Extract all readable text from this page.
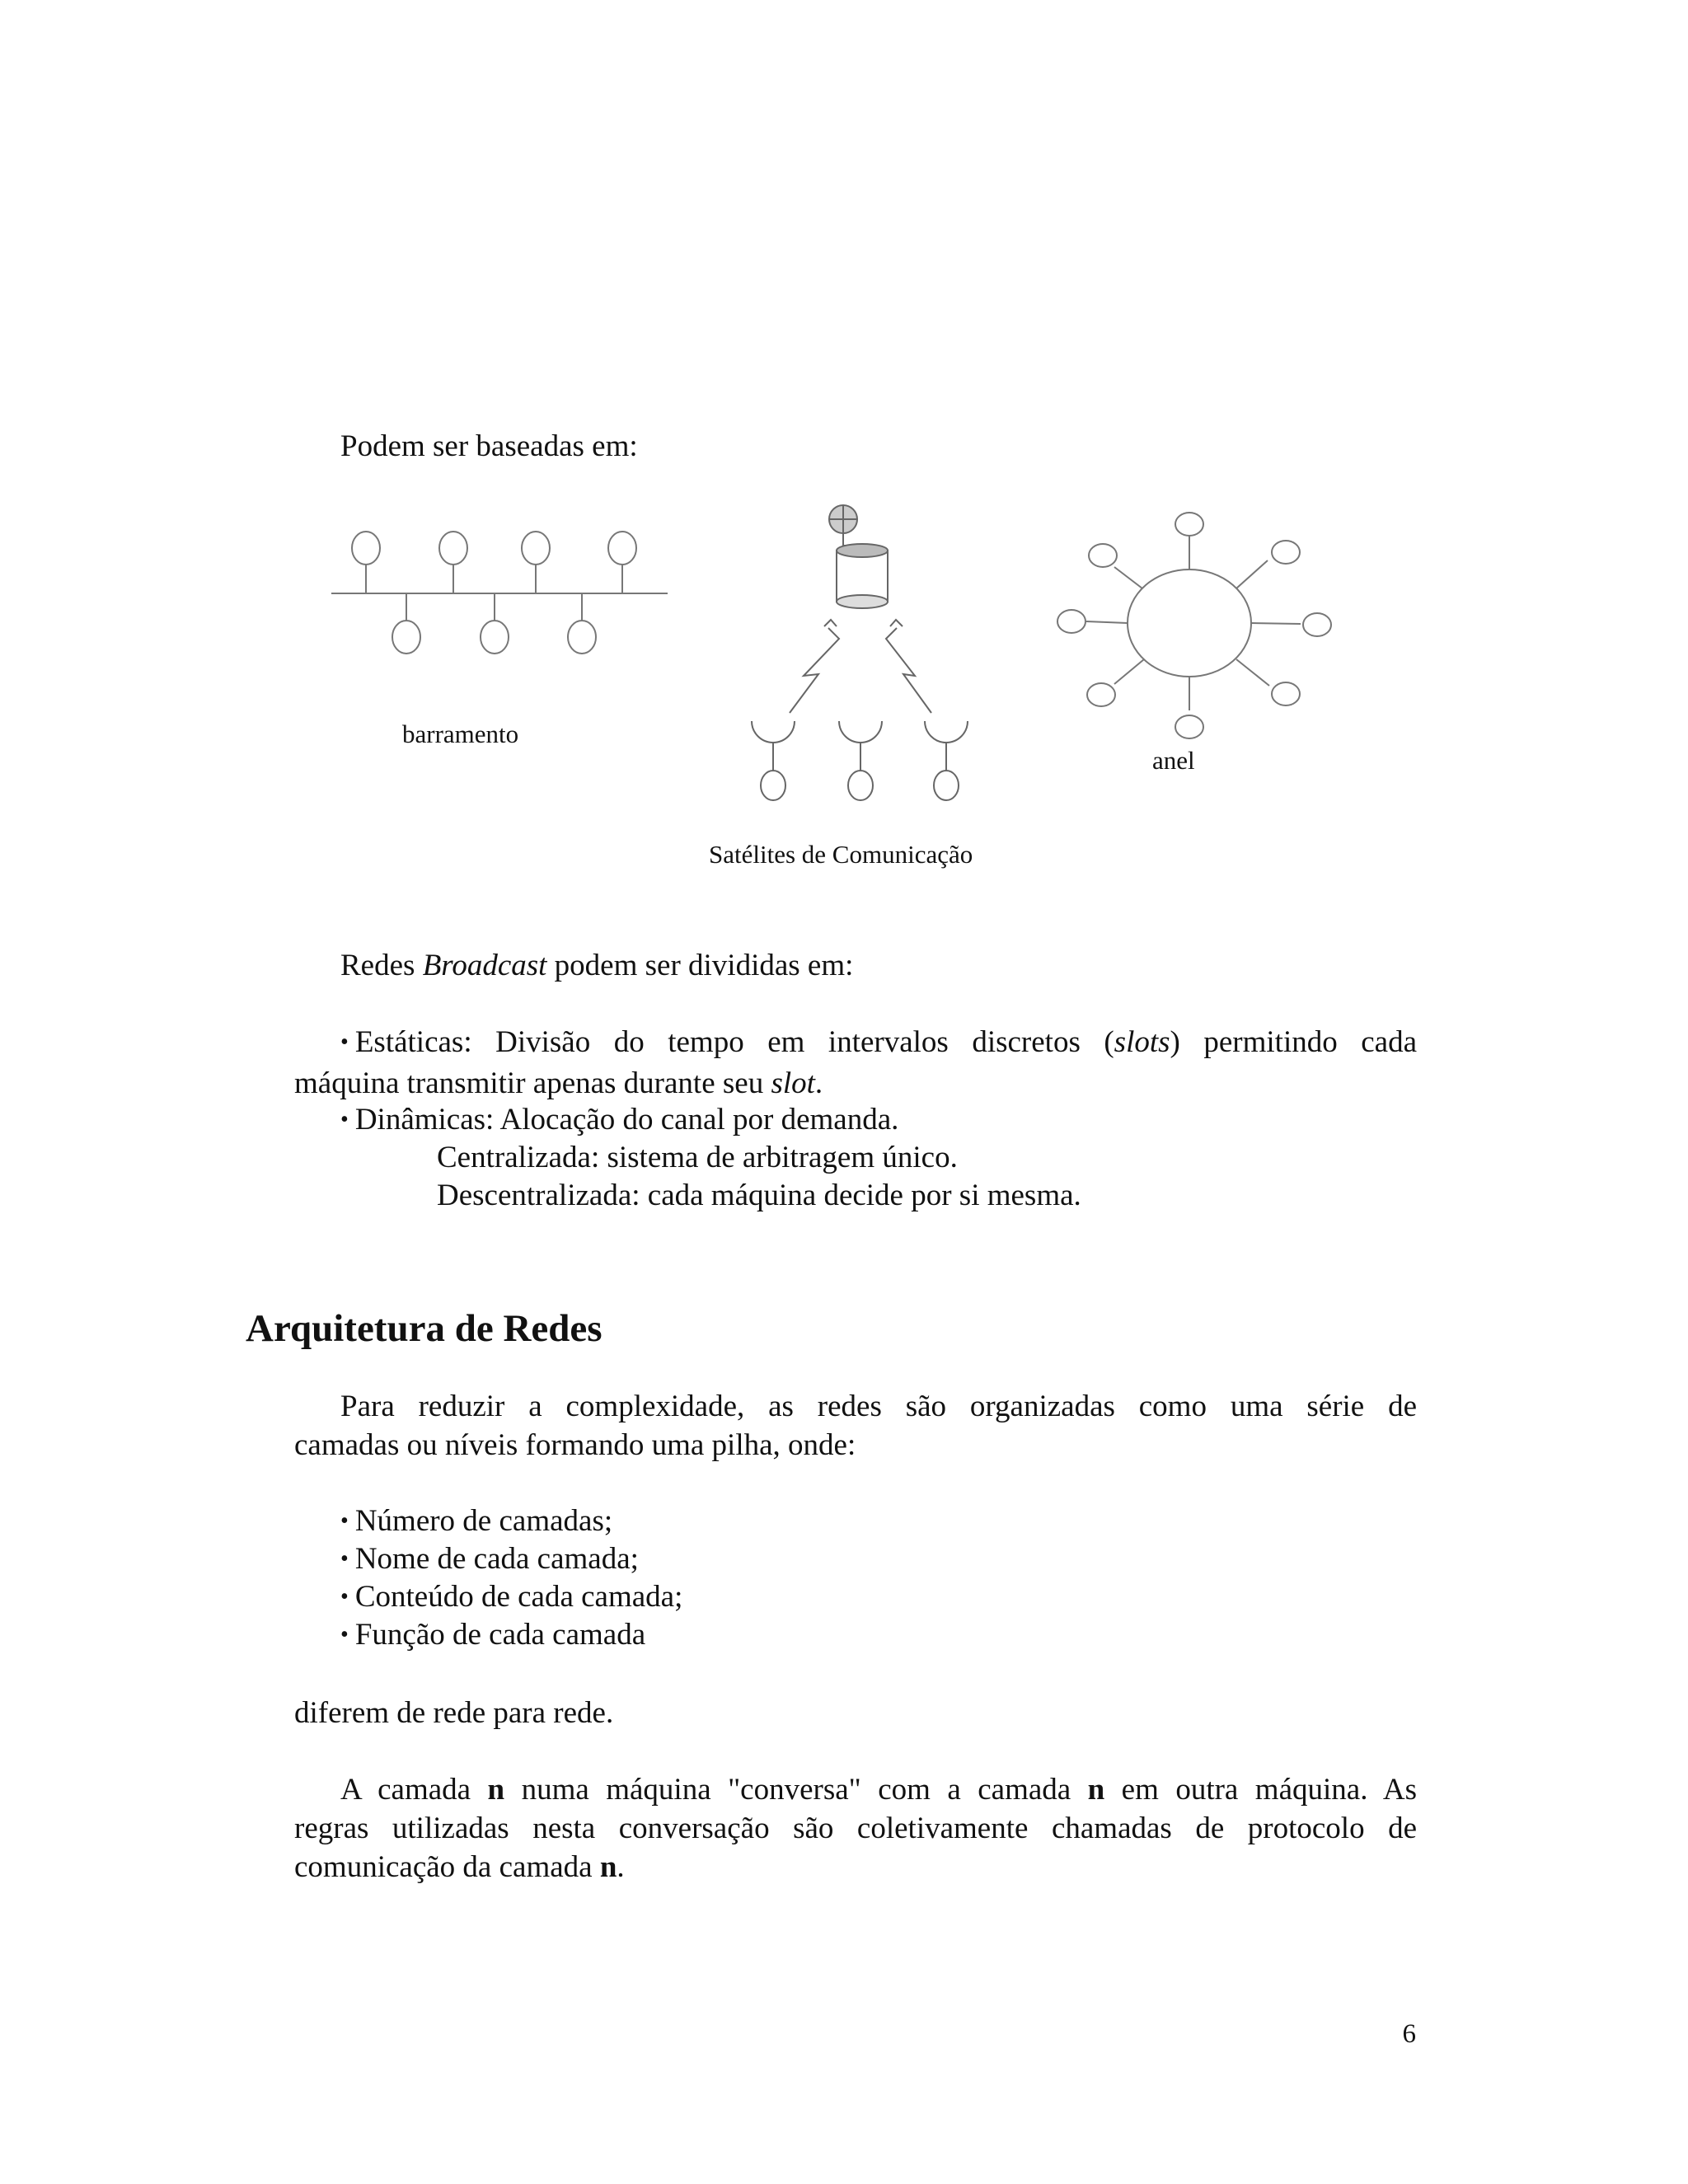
Podem ser baseadas em:

barramento
anel
Satélites de Comunicação

Redes Broadcast podem ser divididas em:

• Estáticas: Divisão do tempo em intervalos discretos (slots) permitindo cada
máquina transmitir apenas durante seu slot.

• Dinâmicas: Alocação do canal por demanda.

Centralizada: sistema de arbitragem único.

Descentralizada: cada máquina decide por si mesma.

Arquitetura de Redes
Para reduzir a complexidade, as redes são organizadas como uma série de
camadas ou níveis formando uma pilha, onde:

• Número de camadas;

• Nome de cada camada;

• Conteúdo de cada camada;

• Função de cada camada

diferem de rede para rede.

A camada n numa máquina "conversa" com a camada n em outra máquina. As
regras utilizadas nesta conversação são coletivamente chamadas de protocolo de
comunicação da camada n.
6
